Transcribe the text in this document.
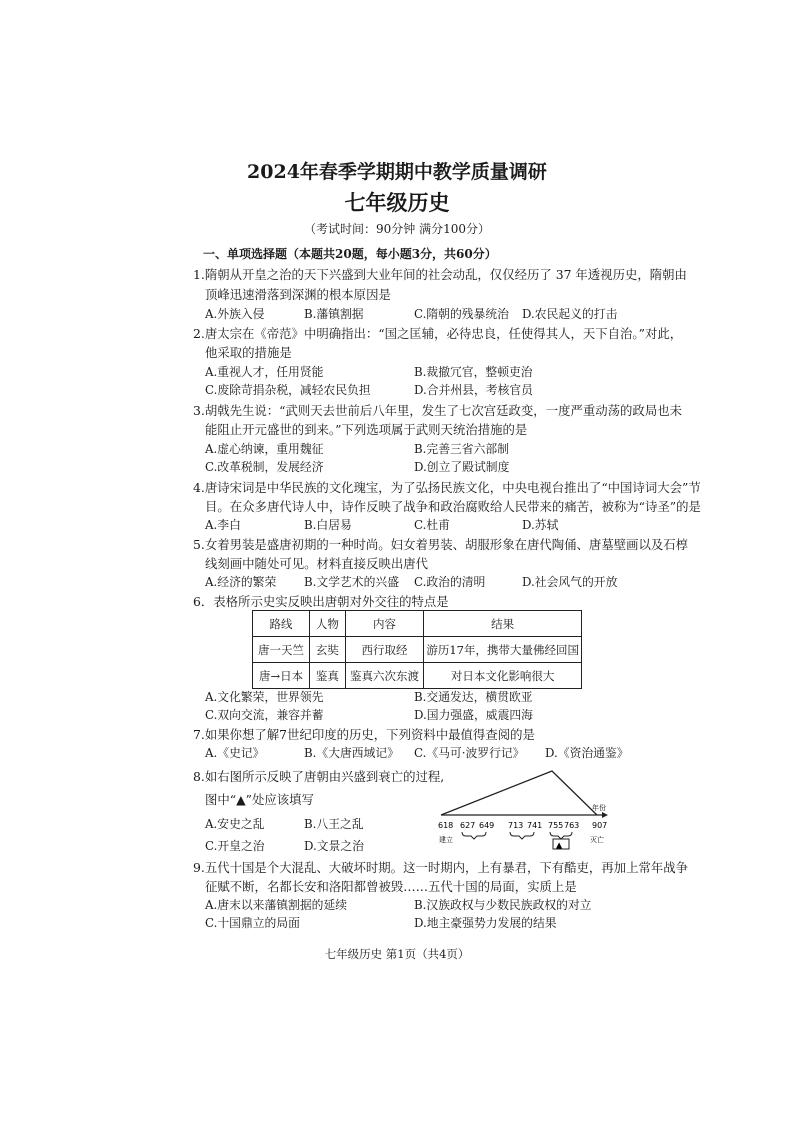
2024年春季学期期中教学质量调研
七年级历史
（考试时间：90分钟 满分100分）
一、单项选择题（本题共20题，每小题3分，共60分）
1.隋朝从开皇之治的天下兴盛到大业年间的社会动乱，仅仅经历了 37 年透视历史，隋朝由
顶峰迅速滑落到深渊的根本原因是
A.外族入侵	B.藩镇割据	C.隋朝的残暴统治 D.农民起义的打击
2.唐太宗在《帝范》中明确指出：“国之匡辅，必待忠良，任使得其人，天下自治。”对此，
他采取的措施是
A.重视人才，任用贤能	B.裁撤冗官，整顿吏治
C.废除苛捐杂税，减轻农民负担	D.合并州县，考核官员
3.胡戟先生说：“武则天去世前后八年里，发生了七次宫廷政变，一度严重动荡的政局也未
能阻止开元盛世的到来。”下列选项属于武则天统治措施的是
A.虚心纳谏，重用魏征	B.完善三省六部制
C.改革税制，发展经济	D.创立了殿试制度
4.唐诗宋词是中华民族的文化瑰宝，为了弘扬民族文化，中央电视台推出了“中国诗词大会”节
目。在众多唐代诗人中，诗作反映了战争和政治腐败给人民带来的痛苦，被称为“诗圣”的是
A.李白	B.白居易	C.杜甫	D.苏轼
5.女着男装是盛唐初期的一种时尚。妇女着男装、胡服形象在唐代陶俑、唐墓壁画以及石椁
线刻画中随处可见。材料直接反映出唐代
A.经济的繁荣 B.文学艺术的兴盛 C.政治的清明	D.社会风气的开放
6．表格所示史实反映出唐朝对外交往的特点是
路线	人物	内容	结果
唐一天竺	玄奘	西行取经	游历17年，携带大量佛经回国
唐→日本	鉴真	鉴真六次东渡	对日本文化影响很大
A.文化繁荣，世界领先	B.交通发达，横贯欧亚
C.双向交流，兼容并蓄	D.国力强盛，威震四海
7.如果你想了解7世纪印度的历史，下列资料中最值得查阅的是
A.《史记》	B.《大唐西域记》 C.《马可·波罗行记》 D.《资治通鉴》
8.如右图所示反映了唐朝由兴盛到衰亡的过程,
图中“▲”处应该填写
A.安史之乱	B.八王之乱
C.开皇之治	D.文景之治
年份
618 627 649 713 741 755 763 907
▲
建立	灭亡
9.五代十国是个大混乱、大破坏时期。这一时期内，上有暴君，下有酷吏，再加上常年战争
征赋不断，名都长安和洛阳都曾被毁……五代十国的局面，实质上是
A.唐末以来藩镇割据的延续	B.汉族政权与少数民族政权的对立
C.十国鼎立的局面	D.地主豪强势力发展的结果
七年级历史 第1页（共4页）
